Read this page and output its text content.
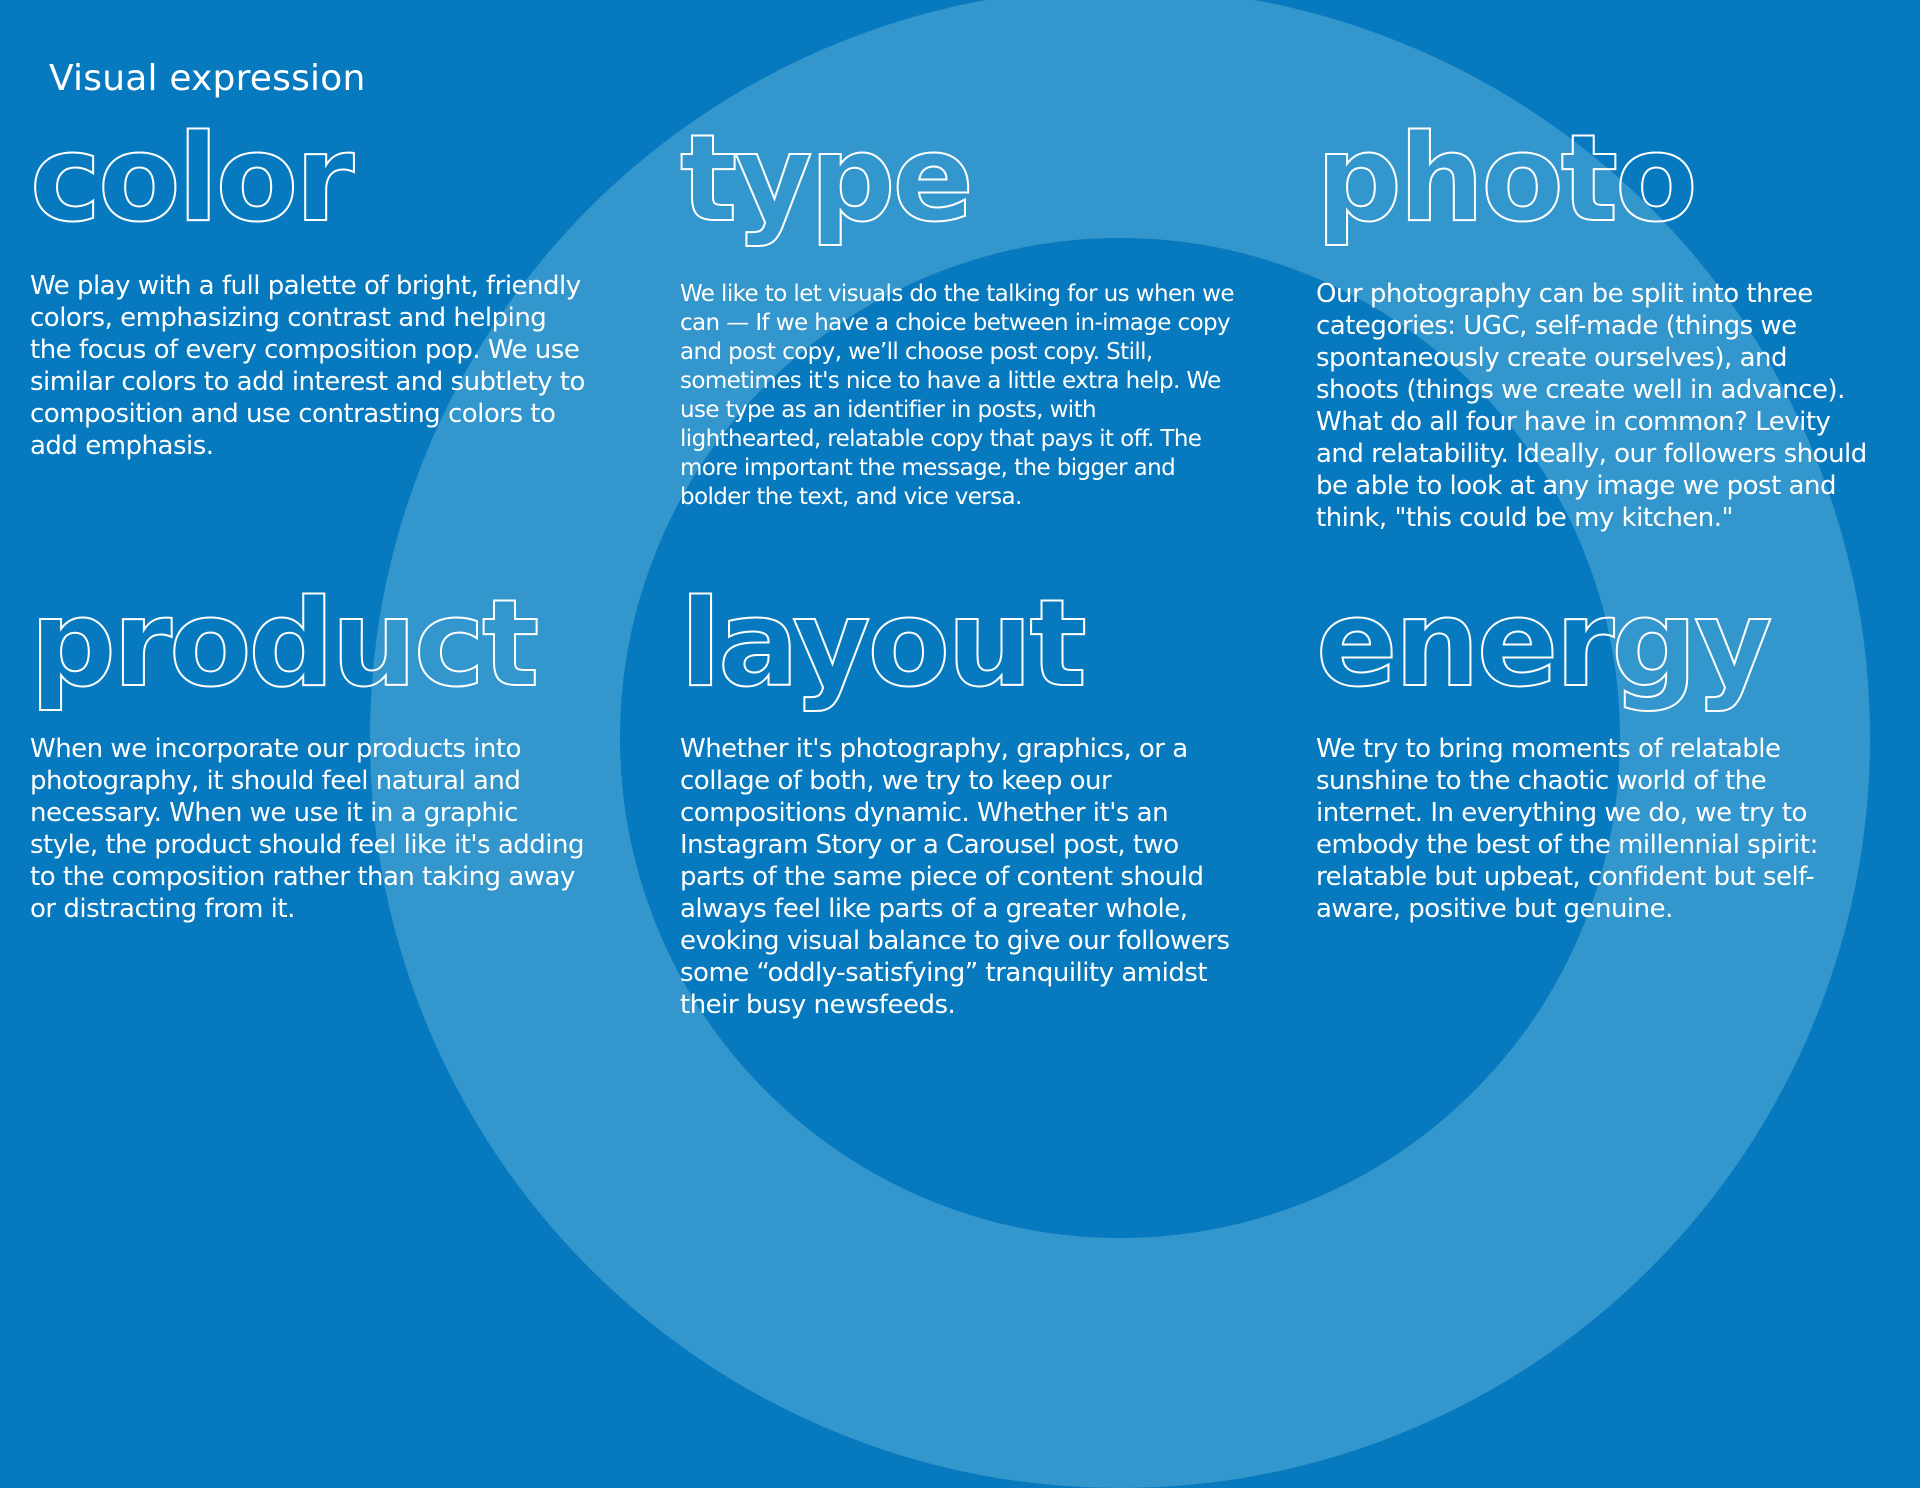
Visual expression
color

We play with a full palette of bright, friendly colors, emphasizing contrast and helping the focus of every composition pop. We use similar colors to add interest and subtlety to composition and use contrasting colors to add emphasis.

type

We like to let visuals do the talking for us when we can — If we have a choice between in-image copy and post copy, we’ll choose post copy. Still, sometimes it's nice to have a little extra help. We use type as an identifier in posts, with lighthearted, relatable copy that pays it off. The more important the message, the bigger and bolder the text, and vice versa.

photo

Our photography can be split into three categories: UGC, self-made (things we spontaneously create ourselves), and shoots (things we create well in advance). What do all four have in common? Levity and relatability. Ideally, our followers should be able to look at any image we post and think, "this could be my kitchen."

product

When we incorporate our products into photography, it should feel natural and necessary. When we use it in a graphic style, the product should feel like it's adding to the composition rather than taking away or distracting from it.

layout

Whether it's photography, graphics, or a collage of both, we try to keep our compositions dynamic. Whether it's an Instagram Story or a Carousel post, two parts of the same piece of content should always feel like parts of a greater whole, evoking visual balance to give our followers some “oddly-satisfying” tranquility amidst their busy newsfeeds.

energy

We try to bring moments of relatable sunshine to the chaotic world of the internet. In everything we do, we try to embody the best of the millennial spirit: relatable but upbeat, confident but self-aware, positive but genuine.
